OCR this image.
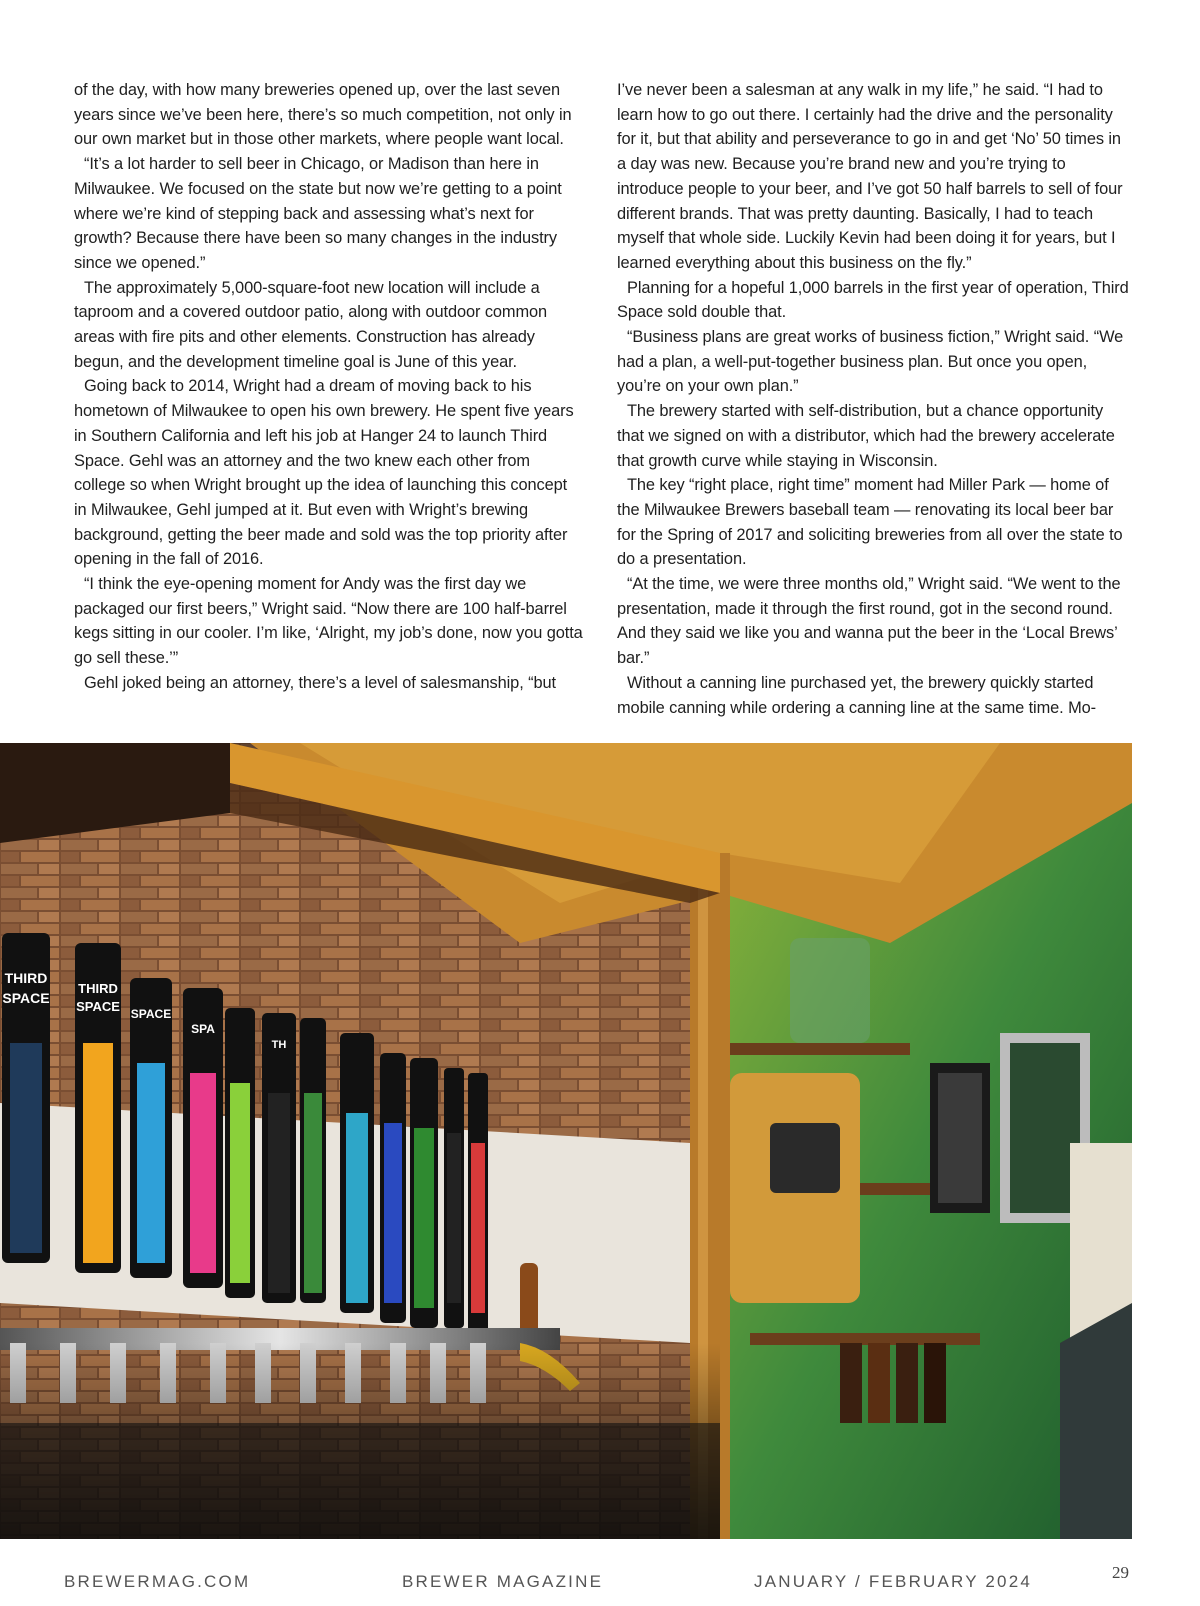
of the day, with how many breweries opened up, over the last seven years since we’ve been here, there’s so much competition, not only in our own market but in those other markets, where people want local.

“It’s a lot harder to sell beer in Chicago, or Madison than here in Milwaukee. We focused on the state but now we’re getting to a point where we’re kind of stepping back and assessing what’s next for growth? Because there have been so many changes in the industry since we opened.”

The approximately 5,000-square-foot new location will include a taproom and a covered outdoor patio, along with outdoor common areas with fire pits and other elements. Construction has already begun, and the development timeline goal is June of this year.

Going back to 2014, Wright had a dream of moving back to his hometown of Milwaukee to open his own brewery. He spent five years in Southern California and left his job at Hanger 24 to launch Third Space. Gehl was an attorney and the two knew each other from college so when Wright brought up the idea of launching this concept in Milwaukee, Gehl jumped at it. But even with Wright’s brewing background, getting the beer made and sold was the top priority after opening in the fall of 2016.

“I think the eye-opening moment for Andy was the first day we packaged our first beers,” Wright said. “Now there are 100 half-barrel kegs sitting in our cooler. I’m like, ‘Alright, my job’s done, now you gotta go sell these.’”

Gehl joked being an attorney, there’s a level of salesmanship, “but

I’ve never been a salesman at any walk in my life,” he said. “I had to learn how to go out there. I certainly had the drive and the personality for it, but that ability and perseverance to go in and get ‘No’ 50 times in a day was new. Because you’re brand new and you’re trying to introduce people to your beer, and I’ve got 50 half barrels to sell of four different brands. That was pretty daunting. Basically, I had to teach myself that whole side. Luckily Kevin had been doing it for years, but I learned everything about this business on the fly.”

Planning for a hopeful 1,000 barrels in the first year of operation, Third Space sold double that.

“Business plans are great works of business fiction,” Wright said. “We had a plan, a well-put-together business plan. But once you open, you’re on your own plan.”

The brewery started with self-distribution, but a chance opportunity that we signed on with a distributor, which had the brewery accelerate that growth curve while staying in Wisconsin.

The key “right place, right time” moment had Miller Park — home of the Milwaukee Brewers baseball team — renovating its local beer bar for the Spring of 2017 and soliciting breweries from all over the state to do a presentation.

“At the time, we were three months old,” Wright said. “We went to the presentation, made it through the first round, got in the second round. And they said we like you and wanna put the beer in the ‘Local Brews’ bar.”

Without a canning line purchased yet, the brewery quickly started mobile canning while ordering a canning line at the same time. Mo-

THIRD
SPACE
THIRD
SPACE SPACE
SPA
TH
BREWERMAG.COM	BREWER MAGAZINE	JANUARY / FEBRUARY 2024	29
